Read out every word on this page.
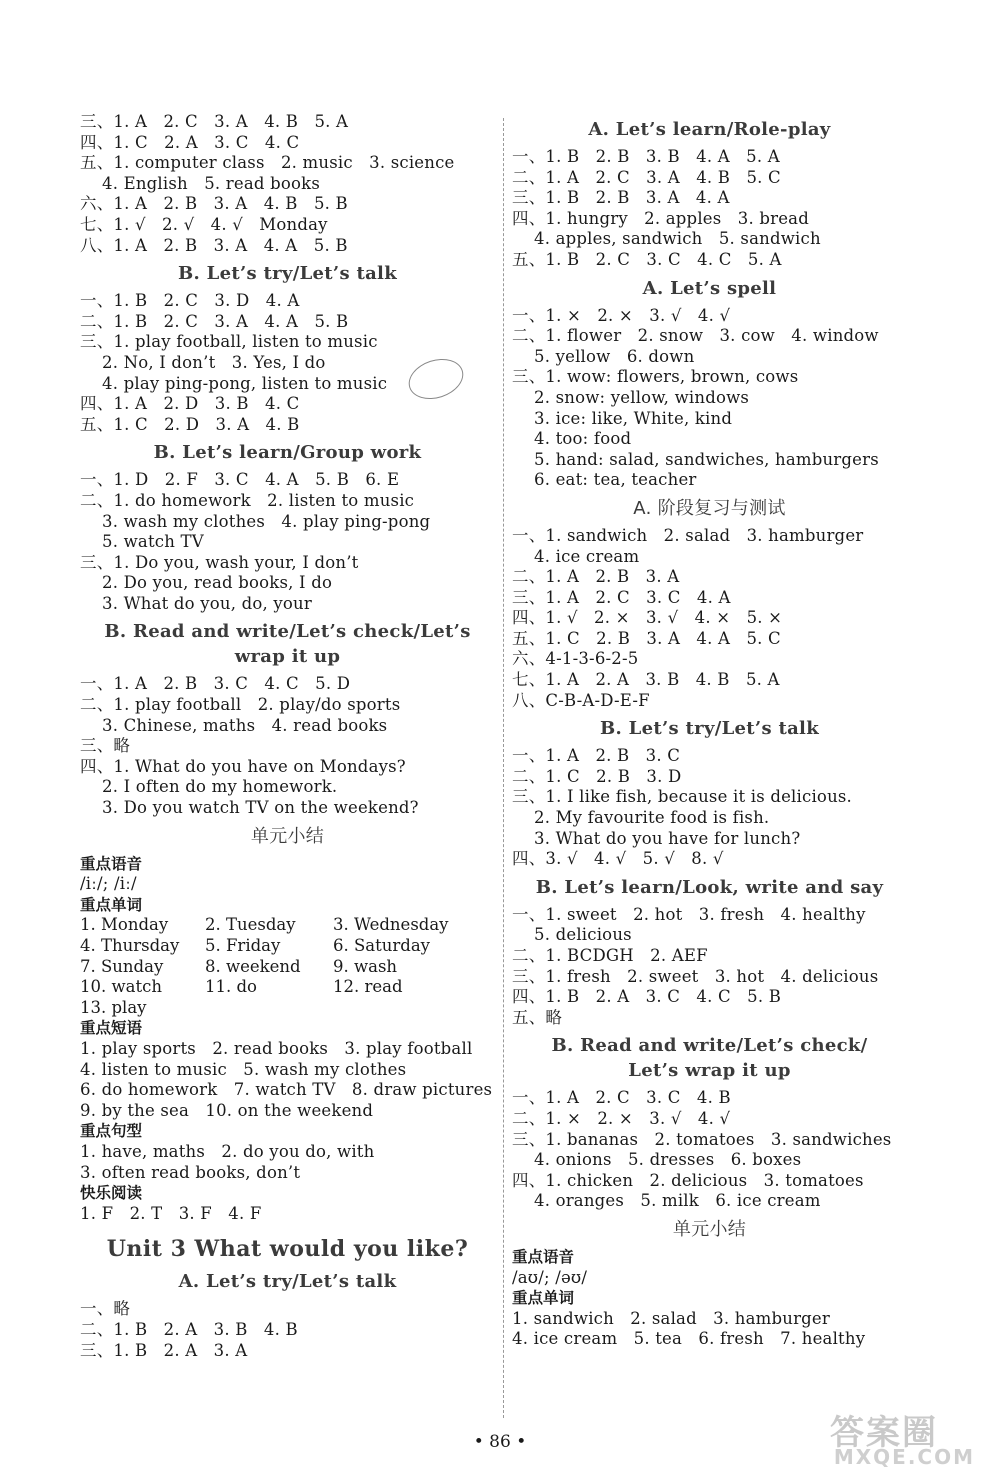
三、1. A   2. C   3. A   4. B   5. A
四、1. C   2. A   3. C   4. C
五、1. computer class   2. music   3. science
4. English   5. read books
六、1. A   2. B   3. A   4. B   5. B
七、1. √   2. √   4. √   Monday
八、1. A   2. B   3. A   4. A   5. B
B. Let’s try/Let’s talk
一、1. B   2. C   3. D   4. A
二、1. B   2. C   3. A   4. A   5. B
三、1. play football, listen to music
2. No, I don’t   3. Yes, I do
4. play ping-pong, listen to music
四、1. A   2. D   3. B   4. C
五、1. C   2. D   3. A   4. B
B. Let’s learn/Group work
一、1. D   2. F   3. C   4. A   5. B   6. E
二、1. do homework   2. listen to music
3. wash my clothes   4. play ping-pong
5. watch TV
三、1. Do you, wash your, I don’t
2. Do you, read books, I do
3. What do you, do, your
B. Read and write/Let’s check/Let’s
wrap it up
一、1. A   2. B   3. C   4. C   5. D
二、1. play football   2. play/do sports
3. Chinese, maths   4. read books
三、略
四、1. What do you have on Mondays?
2. I often do my homework.
3. Do you watch TV on the weekend?
单元小结
重点语音
/iː/; /iː/
重点单词
1. Monday	2. Tuesday	3. Wednesday
4. Thursday	5. Friday	6. Saturday
7. Sunday	8. weekend	9. wash
10. watch	11. do	12. read
13. play
重点短语
1. play sports   2. read books   3. play football
4. listen to music   5. wash my clothes
6. do homework   7. watch TV   8. draw pictures
9. by the sea   10. on the weekend
重点句型
1. have, maths   2. do you do, with
3. often read books, don’t
快乐阅读
1. F   2. T   3. F   4. F
Unit 3 What would you like?
A. Let’s try/Let’s talk
一、略
二、1. B   2. A   3. B   4. B
三、1. B   2. A   3. A
A. Let’s learn/Role-play
一、1. B   2. B   3. B   4. A   5. A
二、1. A   2. C   3. A   4. B   5. C
三、1. B   2. B   3. A   4. A
四、1. hungry   2. apples   3. bread
4. apples, sandwich   5. sandwich
五、1. B   2. C   3. C   4. C   5. A
A. Let’s spell
一、1. ×   2. ×   3. √   4. √
二、1. flower   2. snow   3. cow   4. window
5. yellow   6. down
三、1. wow: flowers, brown, cows
2. snow: yellow, windows
3. ice: like, White, kind
4. too: food
5. hand: salad, sandwiches, hamburgers
6. eat: tea, teacher
A. 阶段复习与测试
一、1. sandwich   2. salad   3. hamburger
4. ice cream
二、1. A   2. B   3. A
三、1. A   2. C   3. C   4. A
四、1. √   2. ×   3. √   4. ×   5. ×
五、1. C   2. B   3. A   4. A   5. C
六、4-1-3-6-2-5
七、1. A   2. A   3. B   4. B   5. A
八、C-B-A-D-E-F
B. Let’s try/Let’s talk
一、1. A   2. B   3. C
二、1. C   2. B   3. D
三、1. I like fish, because it is delicious.
2. My favourite food is fish.
3. What do you have for lunch?
四、3. √   4. √   5. √   8. √
B. Let’s learn/Look, write and say
一、1. sweet   2. hot   3. fresh   4. healthy
5. delicious
二、1. BCDGH   2. AEF
三、1. fresh   2. sweet   3. hot   4. delicious
四、1. B   2. A   3. C   4. C   5. B
五、略
B. Read and write/Let’s check/
Let’s wrap it up
一、1. A   2. C   3. C   4. B
二、1. ×   2. ×   3. √   4. √
三、1. bananas   2. tomatoes   3. sandwiches
4. onions   5. dresses   6. boxes
四、1. chicken   2. delicious   3. tomatoes
4. oranges   5. milk   6. ice cream
单元小结
重点语音
/aʊ/; /əʊ/
重点单词
1. sandwich   2. salad   3. hamburger
4. ice cream   5. tea   6. fresh   7. healthy
• 86 •	答案圈
MXQE.COM
